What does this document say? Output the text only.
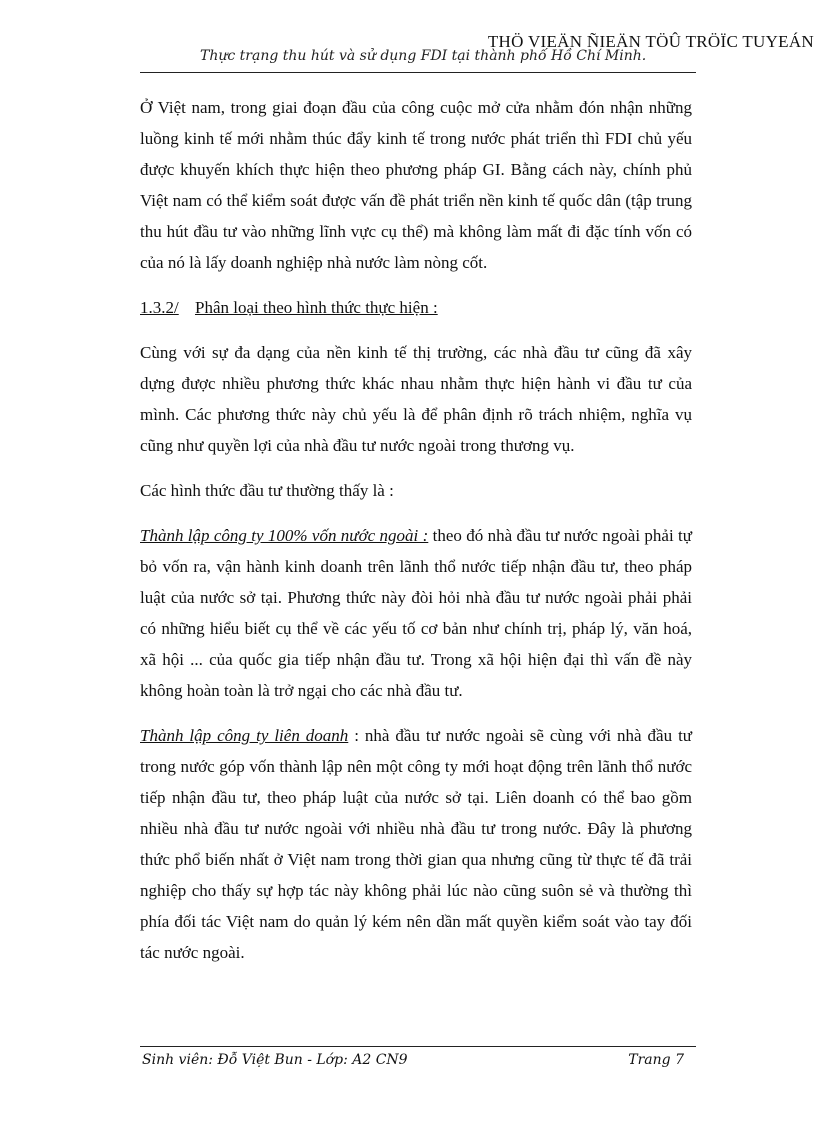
THÖ VIEÄN ÑIEÄN TÖÛ TRÖÏC TUYEÁN
Thực trạng thu hút và sử dụng FDI tại thành phố Hồ Chí Minh.

Ở Việt nam, trong giai đoạn đầu của công cuộc mở cửa nhằm đón nhận những luồng kinh tế mới nhằm thúc đẩy kinh tế trong nước phát triển thì FDI chủ yếu được khuyến khích thực hiện theo phương pháp GI. Bằng cách này, chính phủ Việt nam có thể kiểm soát được vấn đề phát triển nền kinh tế quốc dân (tập trung thu hút đầu tư vào những lĩnh vực cụ thể) mà không làm mất đi đặc tính vốn có của nó là lấy doanh nghiệp nhà nước làm nòng cốt.

1.3.2/ Phân loại theo hình thức thực hiện :

Cùng với sự đa dạng của nền kinh tế thị trường, các nhà đầu tư cũng đã xây dựng được nhiều phương thức khác nhau nhằm thực hiện hành vi đầu tư của mình. Các phương thức này chủ yếu là để phân định rõ trách nhiệm, nghĩa vụ cũng như quyền lợi của nhà đầu tư nước ngoài trong thương vụ.

Các hình thức đầu tư thường thấy là :

Thành lập công ty 100% vốn nước ngoài : theo đó nhà đầu tư nước ngoài phải tự bỏ vốn ra, vận hành kinh doanh trên lãnh thổ nước tiếp nhận đầu tư, theo pháp luật của nước sở tại. Phương thức này đòi hỏi nhà đầu tư nước ngoài phải phải có những hiểu biết cụ thể về các yếu tố cơ bản như chính trị, pháp lý, văn hoá, xã hội ... của quốc gia tiếp nhận đầu tư. Trong xã hội hiện đại thì vấn đề này không hoàn toàn là trở ngại cho các nhà đầu tư.

Thành lập công ty liên doanh : nhà đầu tư nước ngoài sẽ cùng với nhà đầu tư trong nước góp vốn thành lập nên một công ty mới hoạt động trên lãnh thổ nước tiếp nhận đầu tư, theo pháp luật của nước sở tại. Liên doanh có thể bao gồm nhiều nhà đầu tư nước ngoài với nhiều nhà đầu tư trong nước. Đây là phương thức phổ biến nhất ở Việt nam trong thời gian qua nhưng cũng từ thực tế đã trải nghiệp cho thấy sự hợp tác này không phải lúc nào cũng suôn sẻ và thường thì phía đối tác Việt nam do quản lý kém nên dần mất quyền kiểm soát vào tay đối tác nước ngoài.

Sinh viên: Đỗ Việt Bun - Lớp: A2 CN9	Trang 7
